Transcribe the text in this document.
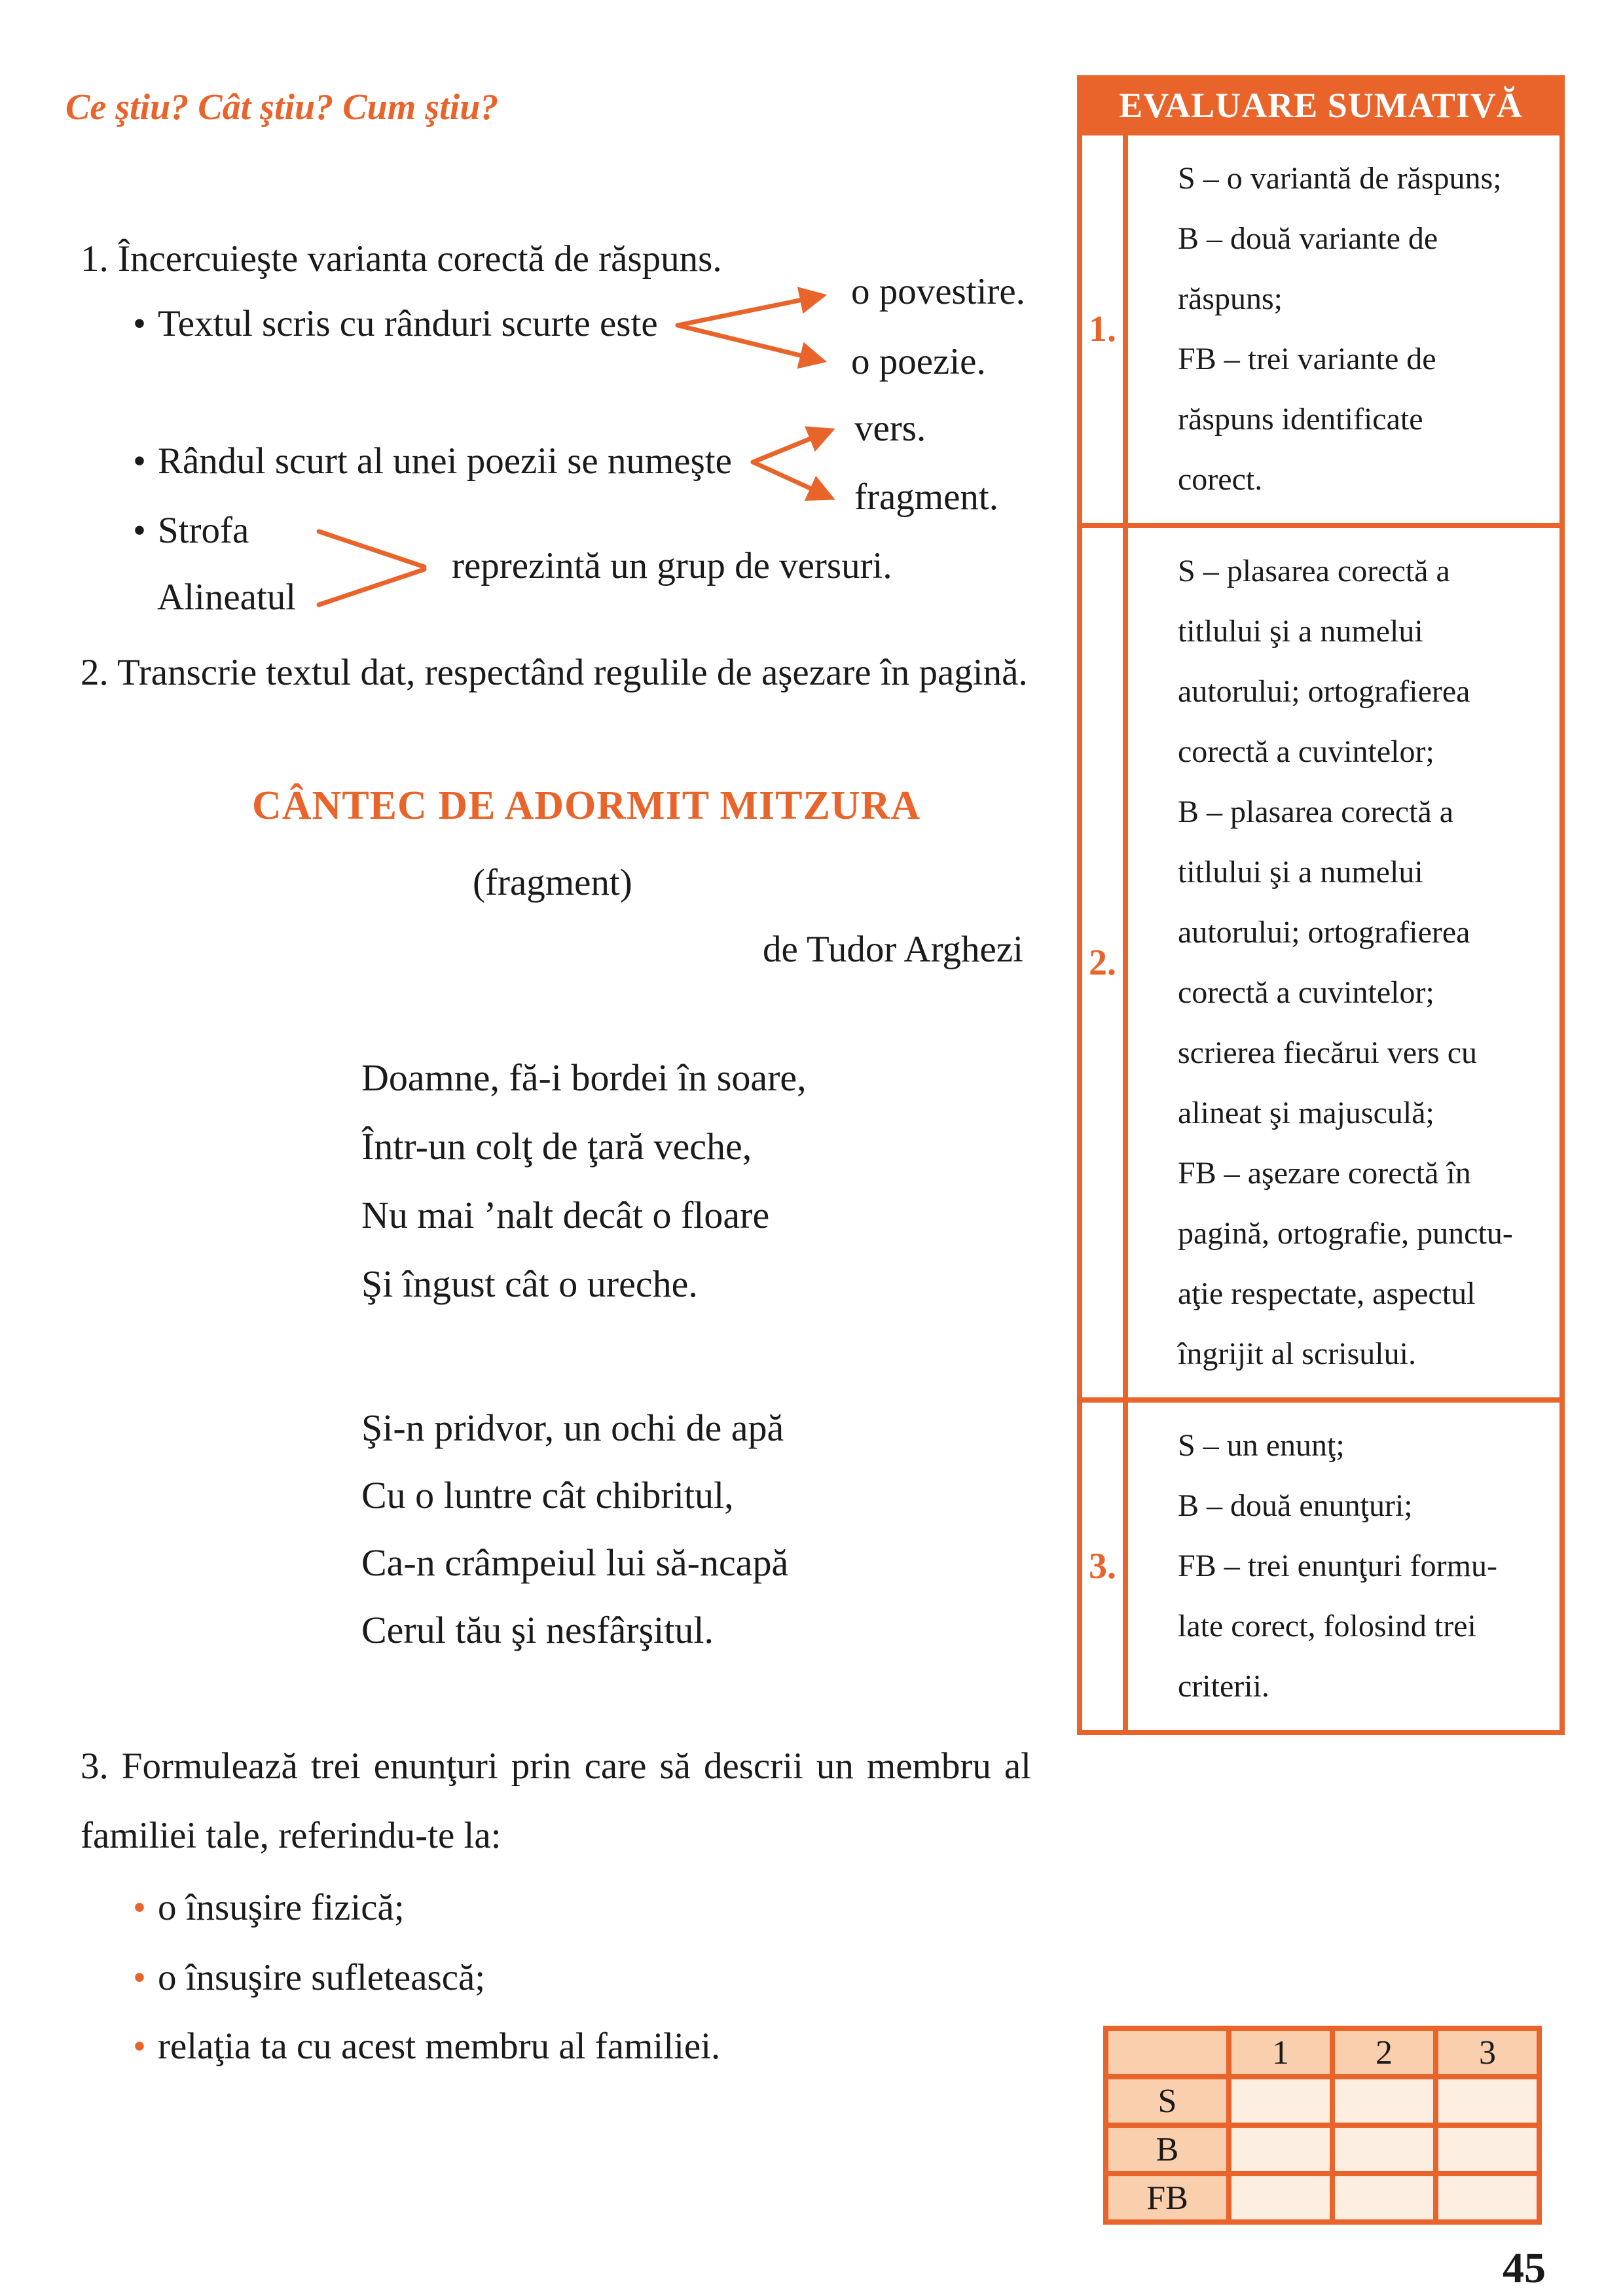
Ce ştiu? Cât ştiu? Cum ştiu?
1. Încercuieşte varianta corectă de răspuns.
• Textul scris cu rânduri scurte este
o povestire.
o poezie.
• Rândul scurt al unei poezii se numeşte
vers.
fragment.
• Strofa
Alineatul
reprezintă un grup de versuri.
2. Transcrie textul dat, respectând regulile de aşezare în pagină.
CÂNTEC DE ADORMIT MITZURA
(fragment)
de Tudor Arghezi
Doamne, fă-i bordei în soare,
Într-un colţ de ţară veche,
Nu mai ’nalt decât o floare
Şi îngust cât o ureche.
Şi-n pridvor, un ochi de apă
Cu o luntre cât chibritul,
Ca-n crâmpeiul lui să-ncapă
Cerul tău şi nesfârşitul.
3. Formulează trei enunţuri prin care să descrii un membru al
familiei tale, referindu-te la:
• o însuşire fizică;
• o însuşire sufletească;
• relaţia ta cu acest membru al familiei.
EVALUARE SUMATIVĂ
1.
S – o variantă de răspuns;
B – două variante de
răspuns;
FB – trei variante de
răspuns identificate
corect.
2.
S – plasarea corectă a
titlului şi a numelui
autorului; ortografierea
corectă a cuvintelor;
B – plasarea corectă a
titlului şi a numelui
autorului; ortografierea
corectă a cuvintelor;
scrierea fiecărui vers cu
alineat şi majusculă;
FB – aşezare corectă în
pagină, ortografie, punctu-
aţie respectate, aspectul
îngrijit al scrisului.
3.
S – un enunţ;
B – două enunţuri;
FB – trei enunţuri formu-
late corect, folosind trei
criterii.
1	2	3
S
B
FB
45
